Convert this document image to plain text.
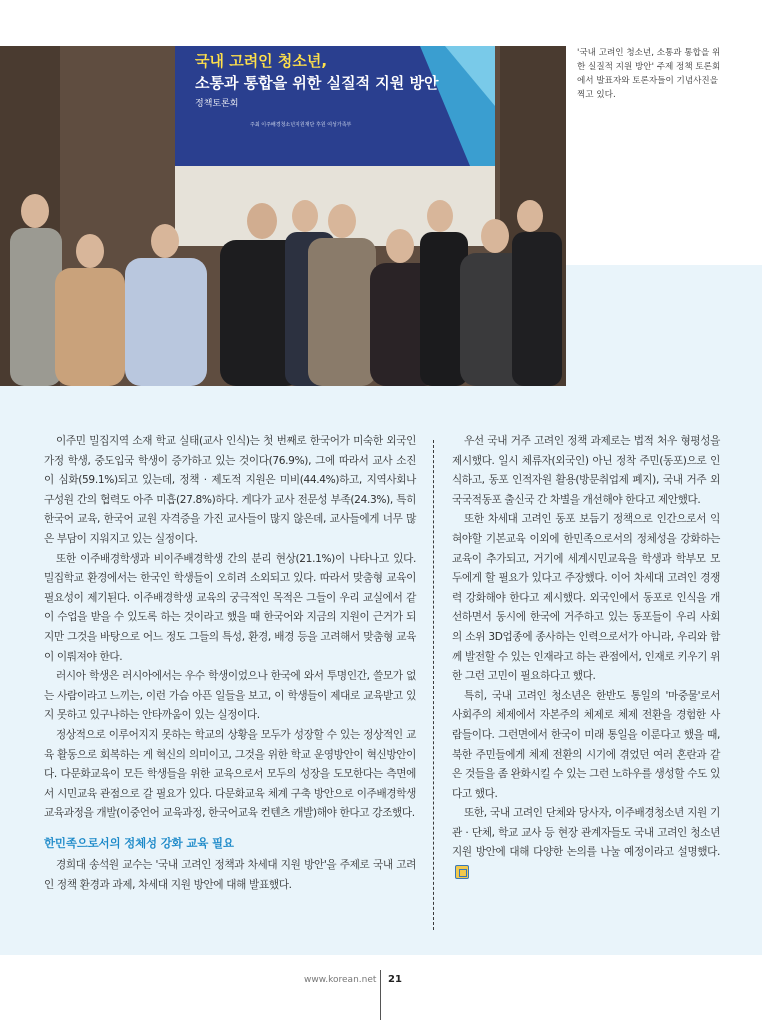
국내 고려인 청소년,
소통과 통합을 위한 실질적 지원 방안
정책토론회
주최 이주배경청소년지원재단 후원 여성가족부
'국내 고려인 청소년, 소통과 통합을 위한 실질적 지원 방안' 주제 정책 토론회에서 발표자와 토론자들이 기념사진을 찍고 있다.

이주민 밀집지역 소재 학교 실태(교사 인식)는 첫 번째로 한국어가 미숙한 외국인 가정 학생, 중도입국 학생이 증가하고 있는 것이다(76.9%), 그에 따라서 교사 소진이 심화(59.1%)되고 있는데, 정책 · 제도적 지원은 미비(44.4%)하고, 지역사회나 구성원 간의 협력도 아주 미흡(27.8%)하다. 게다가 교사 전문성 부족(24.3%), 특히 한국어 교육, 한국어 교원 자격증을 가진 교사들이 많지 않은데, 교사들에게 너무 많은 부담이 지워지고 있는 실정이다.

또한 이주배경학생과 비이주배경학생 간의 분리 현상(21.1%)이 나타나고 있다. 밀집학교 환경에서는 한국인 학생들이 오히려 소외되고 있다. 따라서 맞춤형 교육이 필요성이 제기된다. 이주배경학생 교육의 궁극적인 목적은 그들이 우리 교실에서 같이 수업을 받을 수 있도록 하는 것이라고 했을 때 한국어와 지금의 지원이 근거가 되지만 그것을 바탕으로 어느 정도 그들의 특성, 환경, 배경 등을 고려해서 맞춤형 교육이 이뤄져야 한다.

러시아 학생은 러시아에서는 우수 학생이었으나 한국에 와서 투명인간, 쓸모가 없는 사람이라고 느끼는, 이런 가슴 아픈 일들을 보고, 이 학생들이 제대로 교육받고 있지 못하고 있구나하는 안타까움이 있는 실정이다.

정상적으로 이루어지지 못하는 학교의 상황을 모두가 성장할 수 있는 정상적인 교육 활동으로 회복하는 게 혁신의 의미이고, 그것을 위한 학교 운영방안이 혁신방안이다. 다문화교육이 모든 학생들을 위한 교육으로서 모두의 성장을 도모한다는 측면에서 시민교육 관점으로 갈 필요가 있다. 다문화교육 체계 구축 방안으로 이주배경학생 교육과정을 개발(이중언어 교육과정, 한국어교육 컨텐츠 개발)해야 한다고 강조했다.

한민족으로서의 정체성 강화 교육 필요

경희대 송석원 교수는 '국내 고려인 정책과 차세대 지원 방안'을 주제로 국내 고려인 정책 환경과 과제, 차세대 지원 방안에 대해 발표했다.

우선 국내 거주 고려인 정책 과제로는 법적 처우 형평성을 제시했다. 일시 체류자(외국인) 아닌 정착 주민(동포)으로 인식하고, 동포 인적자원 활용(방문취업제 폐지), 국내 거주 외국국적동포 출신국 간 차별을 개선해야 한다고 제안했다.

또한 차세대 고려인 동포 보듬기 정책으로 인간으로서 익혀야할 기본교육 이외에 한민족으로서의 정체성을 강화하는 교육이 추가되고, 거기에 세계시민교육을 학생과 학부모 모두에게 할 필요가 있다고 주장했다. 이어 차세대 고려인 경쟁력 강화해야 한다고 제시했다. 외국인에서 동포로 인식을 개선하면서 동시에 한국에 거주하고 있는 동포들이 우리 사회의 소위 3D업종에 종사하는 인력으로서가 아니라, 우리와 함께 발전할 수 있는 인재라고 하는 관점에서, 인재로 키우기 위한 그런 고민이 필요하다고 했다.

특히, 국내 고려인 청소년은 한반도 통일의 '마중물'로서 사회주의 체제에서 자본주의 체제로 체제 전환을 경험한 사람들이다. 그런면에서 한국이 미래 통일을 이룬다고 했을 때, 북한 주민들에게 체제 전환의 시기에 겪었던 여러 혼란과 같은 것들을 좀 완화시킬 수 있는 그런 노하우를 생성할 수도 있다고 했다.

또한, 국내 고려인 단체와 당사자, 이주배경청소년 지원 기관 · 단체, 학교 교사 등 현장 관계자들도 국내 고려인 청소년 지원 방안에 대해 다양한 논의를 나눌 예정이라고 설명했다.

www.korean.net 21
